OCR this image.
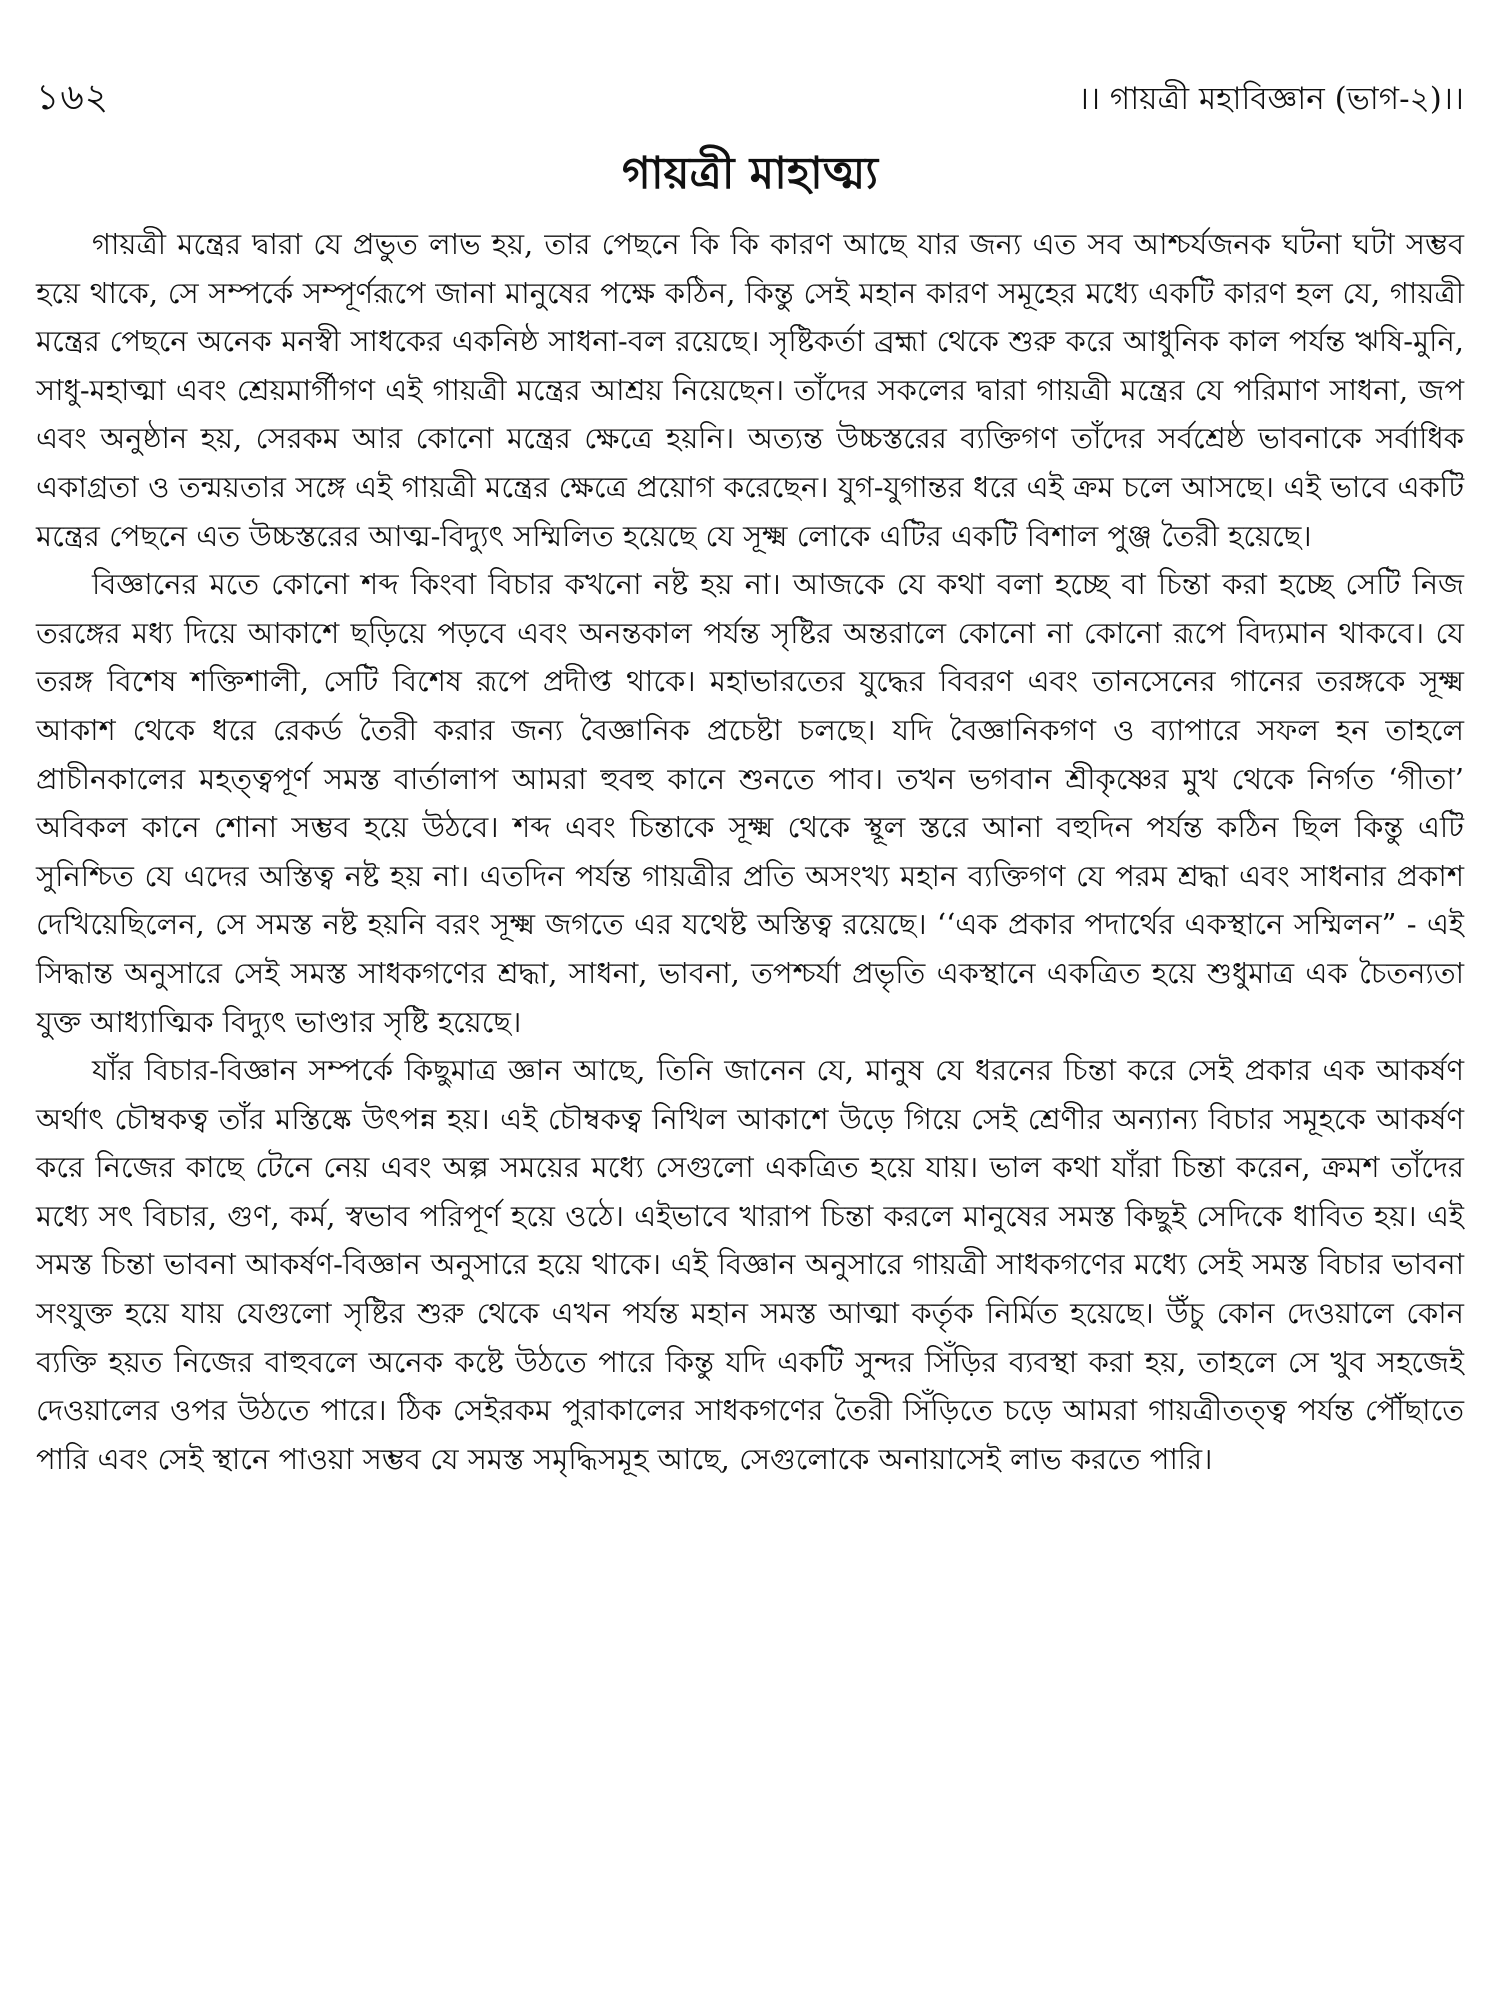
১৬২	।। গায়ত্রী মহাবিজ্ঞান (ভাগ-২)।।
গায়ত্রী মাহাত্ম্য

গায়ত্রী মন্ত্রের দ্বারা যে প্রভুত লাভ হয়, তার পেছনে কি কি কারণ আছে যার জন্য এত সব আশ্চর্যজনক ঘটনা ঘটা সম্ভব হয়ে থাকে, সে সম্পর্কে সম্পূর্ণরূপে জানা মানুষের পক্ষে কঠিন, কিন্তু সেই মহান কারণ সমূহের মধ্যে একটি কারণ হল যে, গায়ত্রী মন্ত্রের পেছনে অনেক মনস্বী সাধকের একনিষ্ঠ সাধনা-বল রয়েছে। সৃষ্টিকর্তা ব্রহ্মা থেকে শুরু করে আধুনিক কাল পর্যন্ত ঋষি-মুনি, সাধু-মহাত্মা এবং শ্রেয়মার্গীগণ এই গায়ত্রী মন্ত্রের আশ্রয় নিয়েছেন। তাঁদের সকলের দ্বারা গায়ত্রী মন্ত্রের যে পরিমাণ সাধনা, জপ এবং অনুষ্ঠান হয়, সেরকম আর কোনো মন্ত্রের ক্ষেত্রে হয়নি। অত্যন্ত উচ্চস্তরের ব্যক্তিগণ তাঁদের সর্বশ্রেষ্ঠ ভাবনাকে সর্বাধিক একাগ্রতা ও তন্ময়তার সঙ্গে এই গায়ত্রী মন্ত্রের ক্ষেত্রে প্রয়োগ করেছেন। যুগ-যুগান্তর ধরে এই ক্রম চলে আসছে। এই ভাবে একটি মন্ত্রের পেছনে এত উচ্চস্তরের আত্ম-বিদ্যুৎ সম্মিলিত হয়েছে যে সূক্ষ্ম লোকে এটির একটি বিশাল পুঞ্জ তৈরী হয়েছে।

বিজ্ঞানের মতে কোনো শব্দ কিংবা বিচার কখনো নষ্ট হয় না। আজকে যে কথা বলা হচ্ছে বা চিন্তা করা হচ্ছে সেটি নিজ তরঙ্গের মধ্য দিয়ে আকাশে ছড়িয়ে পড়বে এবং অনন্তকাল পর্যন্ত সৃষ্টির অন্তরালে কোনো না কোনো রূপে বিদ্যমান থাকবে। যে তরঙ্গ বিশেষ শক্তিশালী, সেটি বিশেষ রূপে প্রদীপ্ত থাকে। মহাভারতের যুদ্ধের বিবরণ এবং তানসেনের গানের তরঙ্গকে সূক্ষ্ম আকাশ থেকে ধরে রেকর্ড তৈরী করার জন্য বৈজ্ঞানিক প্রচেষ্টা চলছে। যদি বৈজ্ঞানিকগণ ও ব্যাপারে সফল হন তাহলে প্রাচীনকালের মহত্ত্বপূর্ণ সমস্ত বার্তালাপ আমরা হুবহু কানে শুনতে পাব। তখন ভগবান শ্রীকৃষ্ণের মুখ থেকে নির্গত ‘গীতা’ অবিকল কানে শোনা সম্ভব হয়ে উঠবে। শব্দ এবং চিন্তাকে সূক্ষ্ম থেকে স্থূল স্তরে আনা বহুদিন পর্যন্ত কঠিন ছিল কিন্তু এটি সুনিশ্চিত যে এদের অস্তিত্ব নষ্ট হয় না। এতদিন পর্যন্ত গায়ত্রীর প্রতি অসংখ্য মহান ব্যক্তিগণ যে পরম শ্রদ্ধা এবং সাধনার প্রকাশ দেখিয়েছিলেন, সে সমস্ত নষ্ট হয়নি বরং সূক্ষ্ম জগতে এর যথেষ্ট অস্তিত্ব রয়েছে। ‘‘এক প্রকার পদার্থের একস্থানে সম্মিলন” - এই সিদ্ধান্ত অনুসারে সেই সমস্ত সাধকগণের শ্রদ্ধা, সাধনা, ভাবনা, তপশ্চর্যা প্রভৃতি একস্থানে একত্রিত হয়ে শুধুমাত্র এক চৈতন্যতা যুক্ত আধ্যাত্মিক বিদ্যুৎ ভাণ্ডার সৃষ্টি হয়েছে।

যাঁর বিচার-বিজ্ঞান সম্পর্কে কিছুমাত্র জ্ঞান আছে, তিনি জানেন যে, মানুষ যে ধরনের চিন্তা করে সেই প্রকার এক আকর্ষণ অর্থাৎ চৌম্বকত্ব তাঁর মস্তিষ্কে উৎপন্ন হয়। এই চৌম্বকত্ব নিখিল আকাশে উড়ে গিয়ে সেই শ্রেণীর অন্যান্য বিচার সমূহকে আকর্ষণ করে নিজের কাছে টেনে নেয় এবং অল্প সময়ের মধ্যে সেগুলো একত্রিত হয়ে যায়। ভাল কথা যাঁরা চিন্তা করেন, ক্রমশ তাঁদের মধ্যে সৎ বিচার, গুণ, কর্ম, স্বভাব পরিপূর্ণ হয়ে ওঠে। এইভাবে খারাপ চিন্তা করলে মানুষের সমস্ত কিছুই সেদিকে ধাবিত হয়। এই সমস্ত চিন্তা ভাবনা আকর্ষণ-বিজ্ঞান অনুসারে হয়ে থাকে। এই বিজ্ঞান অনুসারে গায়ত্রী সাধকগণের মধ্যে সেই সমস্ত বিচার ভাবনা সংযুক্ত হয়ে যায় যেগুলো সৃষ্টির শুরু থেকে এখন পর্যন্ত মহান সমস্ত আত্মা কর্তৃক নির্মিত হয়েছে। উঁচু কোন দেওয়ালে কোন ব্যক্তি হয়ত নিজের বাহুবলে অনেক কষ্টে উঠতে পারে কিন্তু যদি একটি সুন্দর সিঁড়ির ব্যবস্থা করা হয়, তাহলে সে খুব সহজেই দেওয়ালের ওপর উঠতে পারে। ঠিক সেইরকম পুরাকালের সাধকগণের তৈরী সিঁড়িতে চড়ে আমরা গায়ত্রীতত্ত্ব পর্যন্ত পৌঁছাতে পারি এবং সেই স্থানে পাওয়া সম্ভব যে সমস্ত সমৃদ্ধিসমূহ আছে, সেগুলোকে অনায়াসেই লাভ করতে পারি।
